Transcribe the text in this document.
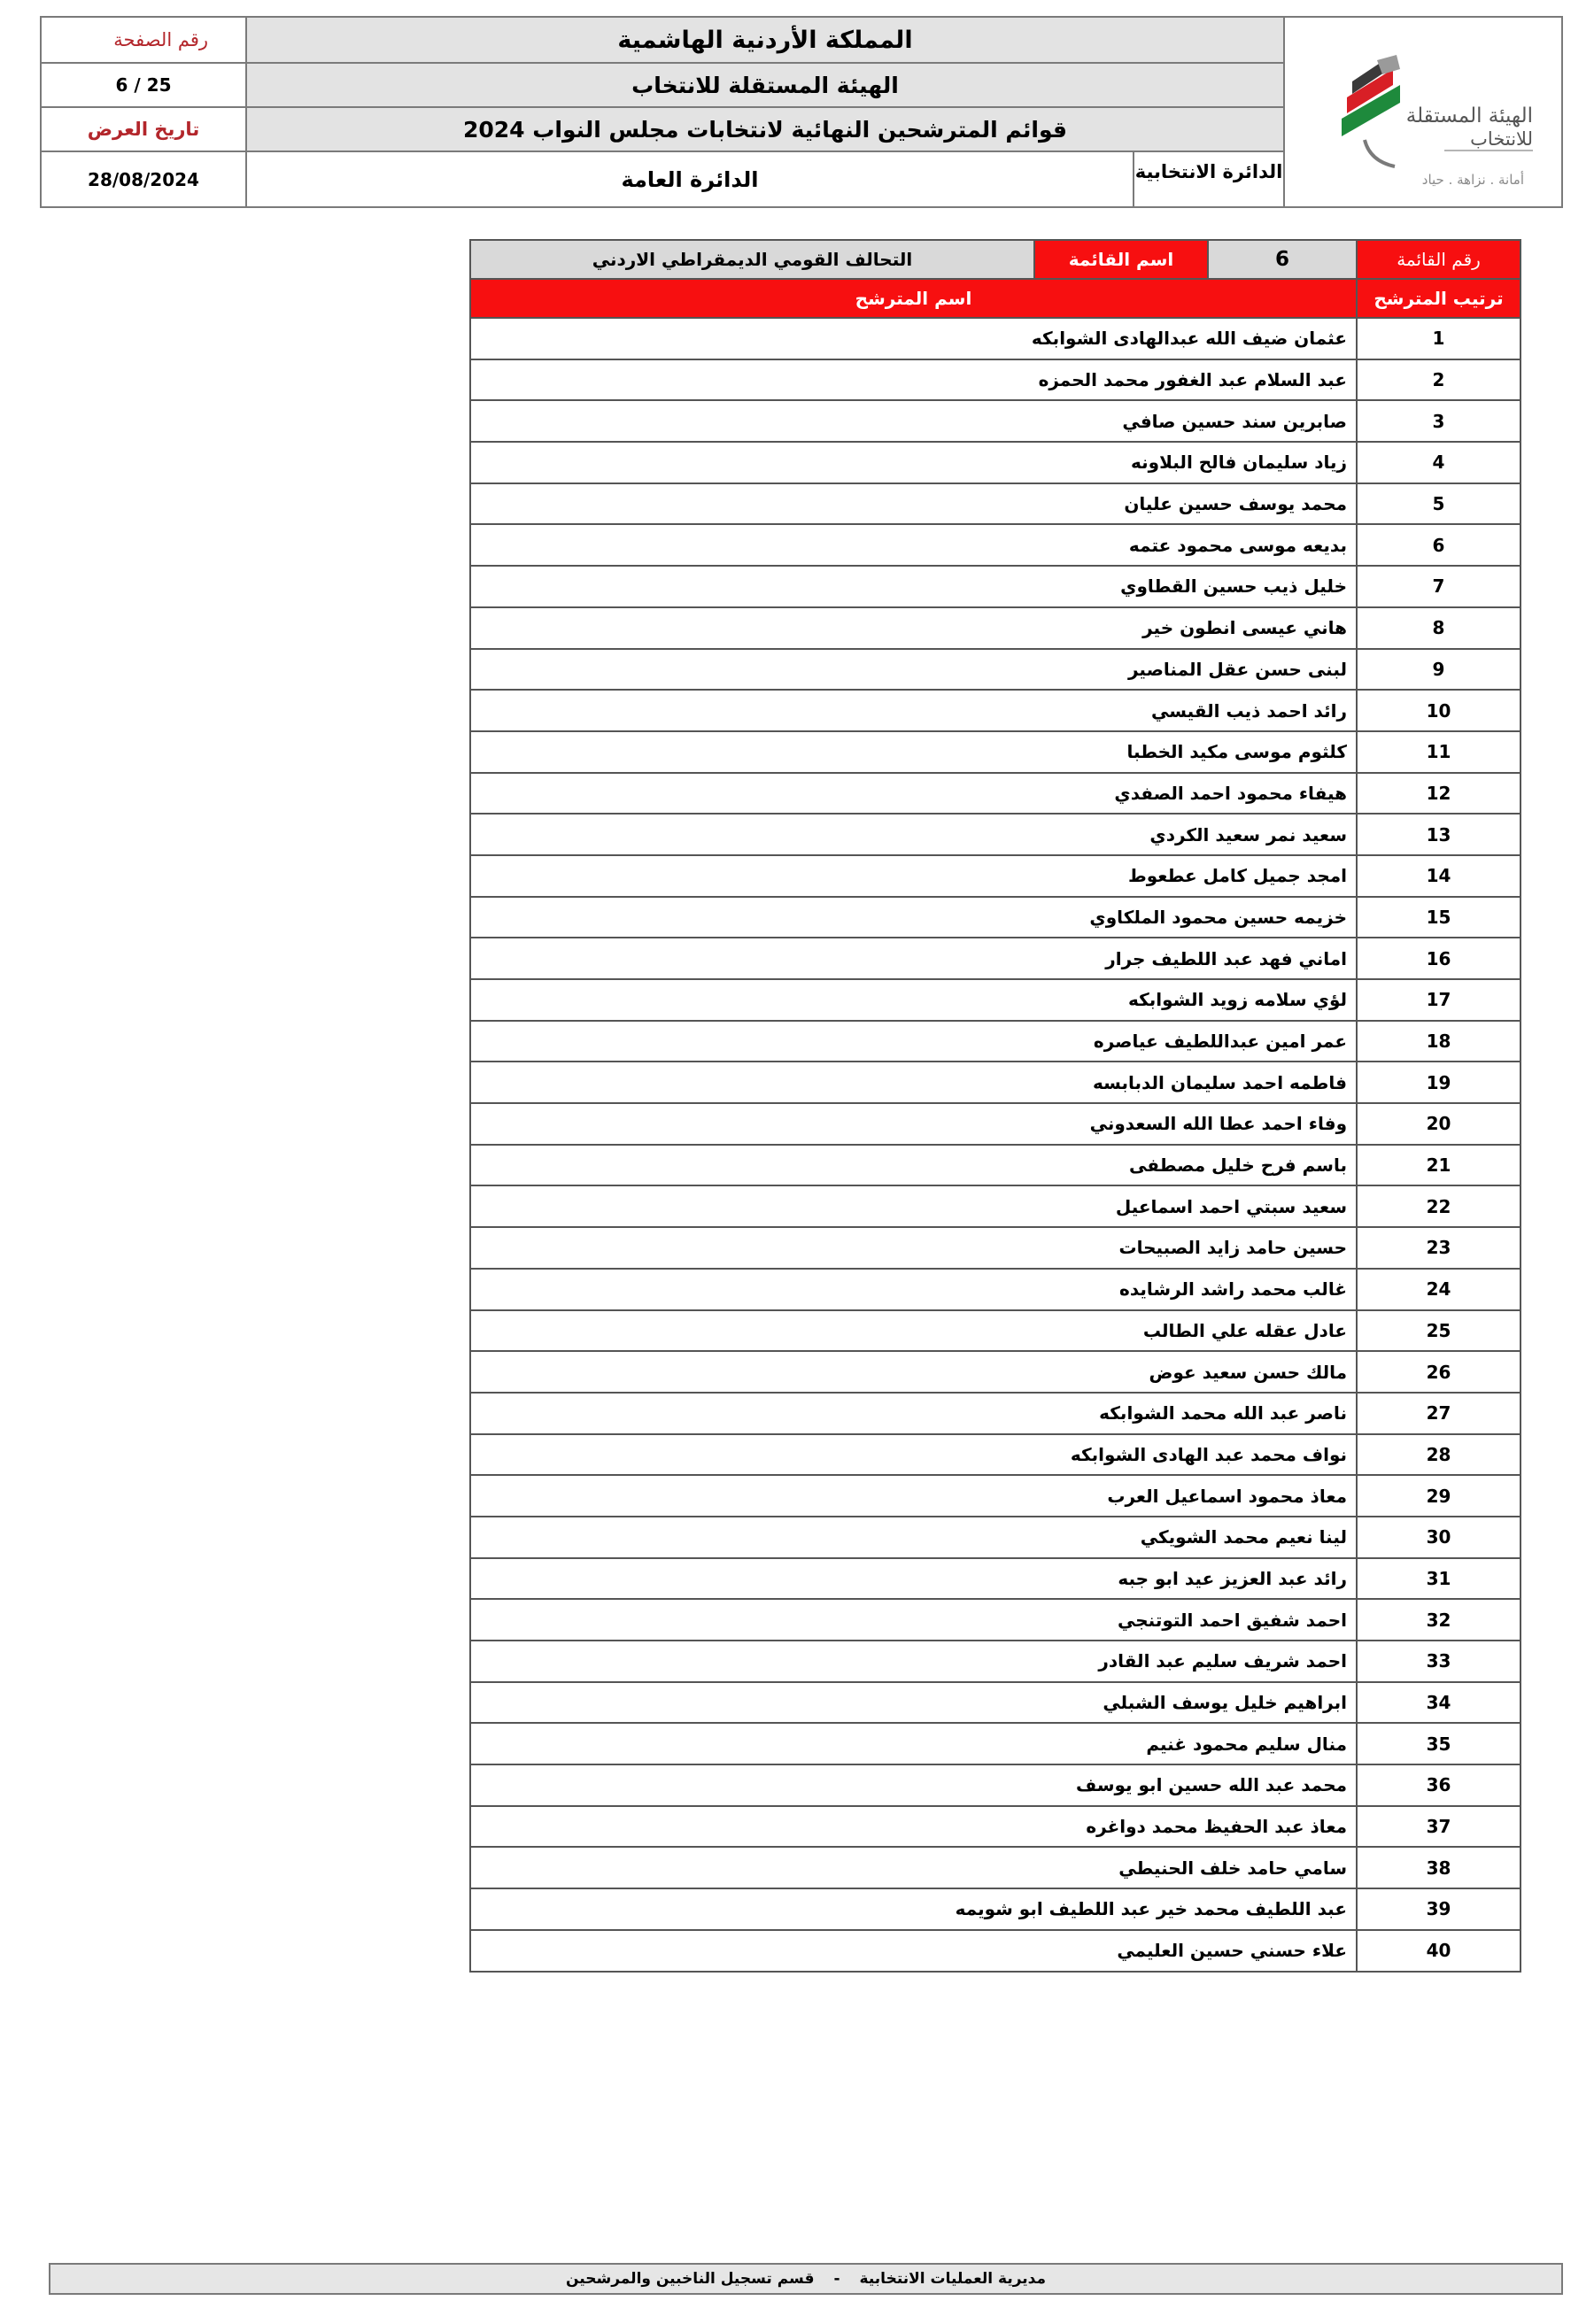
المملكة الأردنية الهاشمية
الهيئة المستقلة للانتخاب
قوائم المترشحين النهائية لانتخابات مجلس النواب 2024
الدائرة العامة	الدائرة الانتخابية
رقم الصفحة
6 / 25
تاريخ العرض
28/08/2024
الهيئة المستقلة
للانتخاب
أمانة . نزاهة . حياد
رقم القائمة	6	اسم القائمة	التحالف القومي الديمقراطي الاردني
ترتيب المترشح	اسم المترشح		
1	عثمان ضيف الله عبدالهادى الشوابكه		
2	عبد السلام عبد الغفور محمد الحمزه		
3	صابرين سند حسين صافي		
4	زياد سليمان فالح البلاونه		
5	محمد يوسف حسين عليان		
6	بديعه موسى محمود عتمه		
7	خليل ذيب حسين القطاوي		
8	هاني عيسى انطون خير		
9	لبنى حسن عقل المناصير		
10	رائد احمد ذيب القيسي		
11	كلثوم موسى مكيد الخطبا		
12	هيفاء محمود احمد الصفدي		
13	سعيد نمر سعيد الكردي		
14	امجد جميل كامل عطعوط		
15	خزيمه حسين محمود الملكاوي		
16	اماني فهد عبد اللطيف جرار		
17	لؤي سلامه زويد الشوابكه		
18	عمر امين عبداللطيف عياصره		
19	فاطمه احمد سليمان الدبابسه		
20	وفاء احمد عطا الله السعدوني		
21	باسم فرح خليل مصطفى		
22	سعيد سبتي احمد اسماعيل		
23	حسين حامد زايد الصبيحات		
24	غالب محمد راشد الرشايده		
25	عادل عقله علي الطالب		
26	مالك حسن سعيد عوض		
27	ناصر عبد الله محمد الشوابكه		
28	نواف محمد عبد الهادى الشوابكه		
29	معاذ محمود اسماعيل العرب		
30	لينا نعيم محمد الشويكي		
31	رائد عبد العزيز عيد ابو جبه		
32	احمد شفيق احمد التوتنجي		
33	احمد شريف سليم عبد القادر		
34	ابراهيم خليل يوسف الشبلي		
35	منال سليم محمود غنيم		
36	محمد عبد الله حسين ابو يوسف		
37	معاذ عبد الحفيظ محمد دواغره		
38	سامي حامد خلف الحنيطي		
39	عبد اللطيف محمد خير عبد اللطيف ابو شويمه		
40	علاء حسني حسين العليمي		
مديرية العمليات الانتخابية
-
قسم تسجيل الناخبين والمرشحين
